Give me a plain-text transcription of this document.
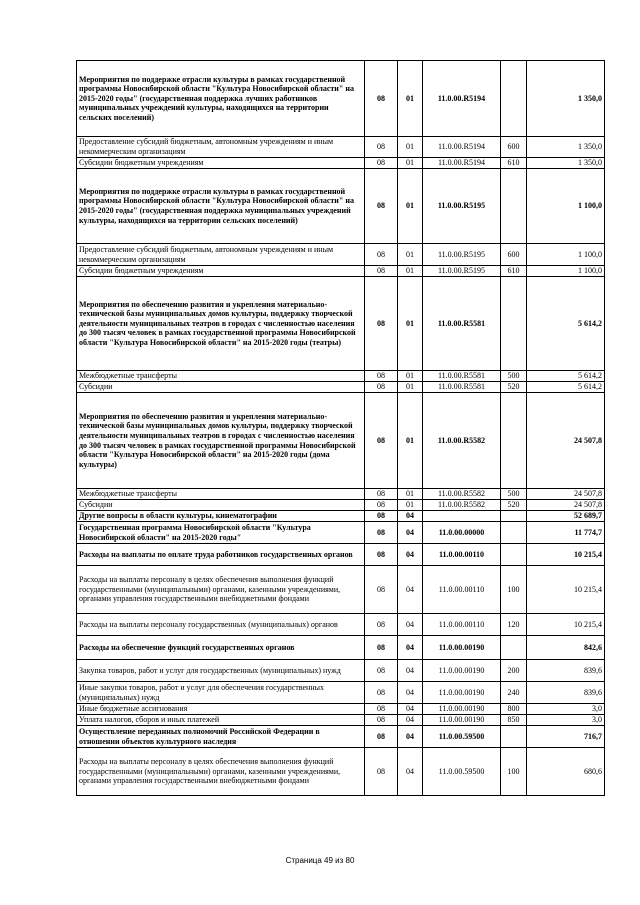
Мероприятия по поддержке отрасли культуры в рамках государственной программы Новосибирской области "Культура Новосибирской области" на 2015-2020 годы" (государственная поддержка лучших работников муниципальных учреждений культуры, находящихся на территории сельских поселений)	08	01	11.0.00.R5194		1 350,0
Предоставление субсидий бюджетным, автономным учреждениям и иным некоммерческим организациям	08	01	11.0.00.R5194	600	1 350,0
Субсидии бюджетным учреждениям	08	01	11.0.00.R5194	610	1 350,0
Мероприятия по поддержке отрасли культуры в рамках государственной программы Новосибирской области "Культура Новосибирской области" на 2015-2020 годы" (государственная поддержка муниципальных учреждений культуры, находящихся на территории сельских поселений)	08	01	11.0.00.R5195		1 100,0
Предоставление субсидий бюджетным, автономным учреждениям и иным некоммерческим организациям	08	01	11.0.00.R5195	600	1 100,0
Субсидии бюджетным учреждениям	08	01	11.0.00.R5195	610	1 100,0
Мероприятия по обеспечению развития и укрепления материально-технической базы муниципальных домов культуры, поддержку творческой деятельности муниципальных театров в городах с численностью населения до 300 тысяч человек в рамках государственной программы Новосибирской области "Культура Новосибирской области" на 2015-2020 годы (театры)	08	01	11.0.00.R5581		5 614,2
Межбюджетные трансферты	08	01	11.0.00.R5581	500	5 614,2
Субсидии	08	01	11.0.00.R5581	520	5 614,2
Мероприятия по обеспечению развития и укрепления материально-технической базы муниципальных домов культуры, поддержку творческой деятельности муниципальных театров в городах с численностью населения до 300 тысяч человек в рамках государственной программы Новосибирской области "Культура Новосибирской области" на 2015-2020 годы (дома культуры)	08	01	11.0.00.R5582		24 507,8
Межбюджетные трансферты	08	01	11.0.00.R5582	500	24 507,8
Субсидии	08	01	11.0.00.R5582	520	24 507,8
Другие вопросы в области культуры, кинематографии	08	04			52 689,7
Государственная программа Новосибирской области "Культура Новосибирской области" на 2015-2020 годы"	08	04	11.0.00.00000		11 774,7
Расходы на выплаты по оплате труда работников государственных органов	08	04	11.0.00.00110		10 215,4
Расходы на выплаты персоналу в целях обеспечения выполнения функций государственными (муниципальными) органами, казенными учреждениями, органами управления государственными внебюджетными фондами	08	04	11.0.00.00110	100	10 215,4
Расходы на выплаты персоналу государственных (муниципальных) органов	08	04	11.0.00.00110	120	10 215,4
Расходы на обеспечение функций государственных органов	08	04	11.0.00.00190		842,6
Закупка товаров, работ и услуг для государственных (муниципальных) нужд	08	04	11.0.00.00190	200	839,6
Иные закупки товаров, работ и услуг для обеспечения государственных (муниципальных) нужд	08	04	11.0.00.00190	240	839,6
Иные бюджетные ассигнования	08	04	11.0.00.00190	800	3,0
Уплата налогов, сборов и иных платежей	08	04	11.0.00.00190	850	3,0
Осуществление переданных полномочий Российской Федерации в отношении объектов культурного наследия	08	04	11.0.00.59500		716,7
Расходы на выплаты персоналу в целях обеспечения выполнения функций государственными (муниципальными) органами, казенными учреждениями, органами управления государственными внебюджетными фондами	08	04	11.0.00.59500	100	680,6
Страница 49 из 80
